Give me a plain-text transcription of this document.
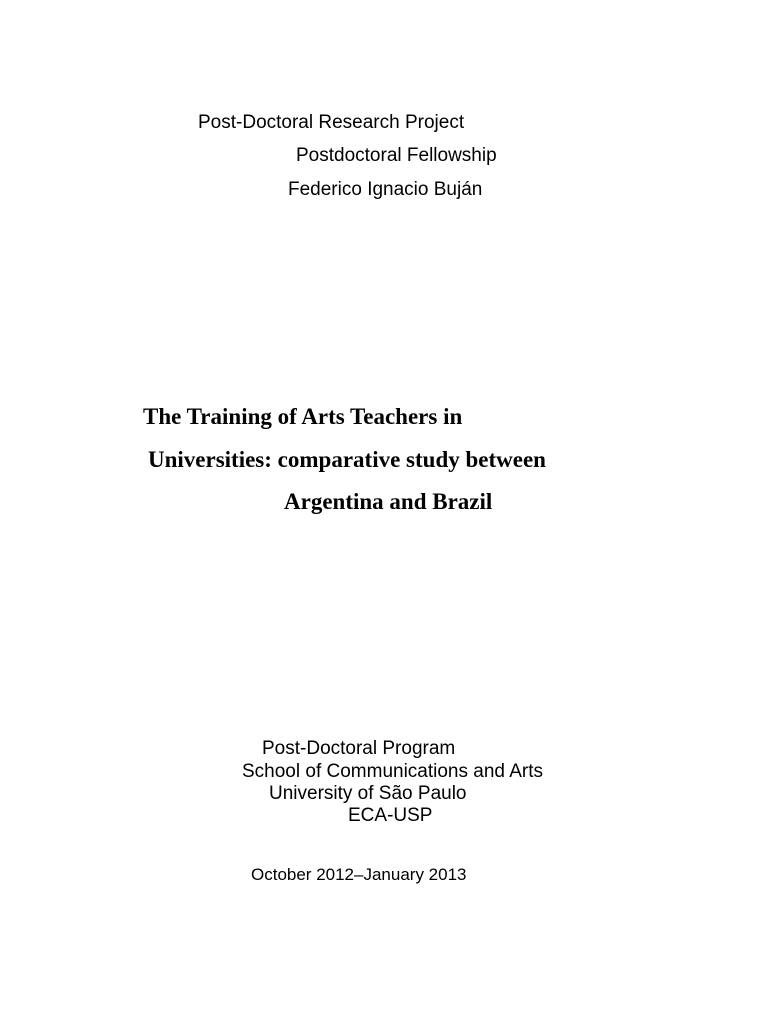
Post-Doctoral Research Project
Postdoctoral Fellowship
Federico Ignacio Buján
The Training of Arts Teachers in
Universities: comparative study between
Argentina and Brazil
Post-Doctoral Program
School of Communications and Arts
University of São Paulo
ECA-USP
October 2012–January 2013
